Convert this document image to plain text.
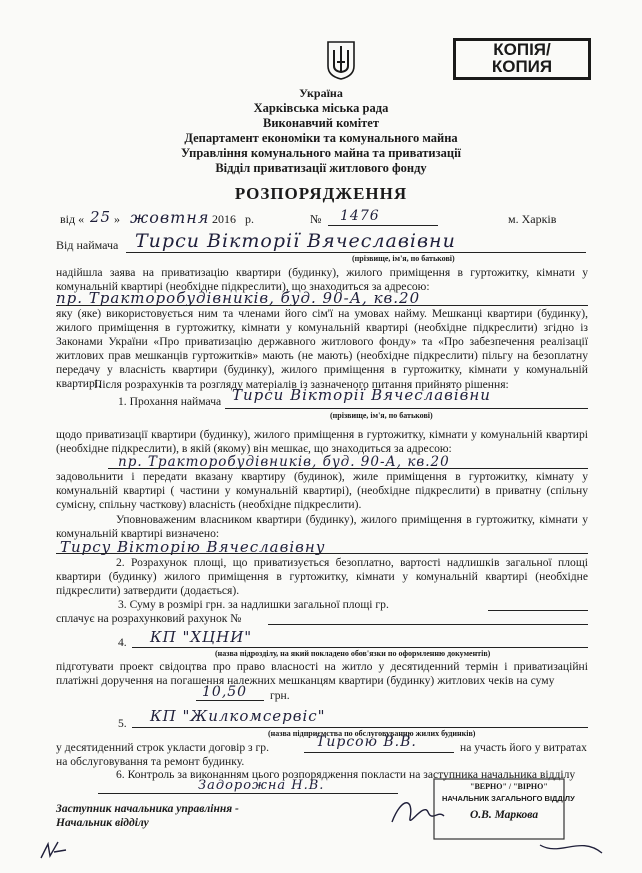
КОПІЯ/
КОПИЯ
Україна
Харківська міська рада
Виконавчий комітет
Департамент економіки та комунального майна
Управління комунального майна та приватизації
Відділ приватизації житлового фонду
РОЗПОРЯДЖЕННЯ
від « 25 » жовтня 2016 р.	№ 1476	м. Харків
Від наймача Тирси Вікторії Вячеславівни
(прізвище, ім'я, по батькові)
надійшла заява на приватизацію квартири (будинку), жилого приміщення в гуртожитку, кімнати у комунальній квартирі (необхідне підкреслити), що знаходиться за адресою:
пр. Тракторобудівників, буд. 90-А, кв.20
яку (яке) використовується ним та членами його сім'ї на умовах найму. Мешканці квартири (будинку), жилого приміщення в гуртожитку, кімнати у комунальній квартирі (необхідне підкреслити) згідно із Законами України «Про приватизацію державного житлового фонду» та «Про забезпечення реалізації житлових прав мешканців гуртожитків» мають (не мають) (необхідне підкреслити) пільгу на безоплатну передачу у власність квартири (будинку), жилого приміщення в гуртожитку, кімнати у комунальній квартирі.
Після розрахунків та розгляду матеріалів із зазначеного питання прийнято рішення:
1. Прохання наймача Тирси Вікторії Вячеславівни
(прізвище, ім'я, по батькові)
щодо приватизації квартири (будинку), жилого приміщення в гуртожитку, кімнати у комунальній квартирі (необхідне підкреслити), в якій (якому) він мешкає, що знаходиться за адресою:
пр. Тракторобудівників, буд. 90-А, кв.20
задовольнити і передати вказану квартиру (будинок), жиле приміщення в гуртожитку, кімнату у комунальній квартирі ( частини у комунальній квартирі), (необхідне підкреслити) в приватну (спільну сумісну, спільну часткову) власність (необхідне підкреслити).
Уповноваженим власником квартири (будинку), жилого приміщення в гуртожитку, кімнати у комунальній квартирі визначено:
Тирсу Вікторію Вячеславівну
2. Розрахунок площі, що приватизується безоплатно, вартості надлишків загальної площі квартири (будинку) жилого приміщення в гуртожитку, кімнати у комунальній квартирі (необхідне підкреслити) затвердити (додається).
3. Суму в розмірі грн. за надлишки загальної площі гр.
сплачує на розрахунковий рахунок №
4. КП "ХЦНИ"
(назва підрозділу, на який покладено обов'язки по оформленню документів)
підготувати проект свідоцтва про право власності на житло у десятиденний термін і приватизаційні платіжні доручення на погашення належних мешканцям квартири (будинку) житлових чеків на суму
10,50 грн.
5. КП "Жилкомсервіс"
(назва підприємства по обслуговуванню жилих будинків)
у десятиденний строк укласти договір з гр.	Тирсою В.В.	на участь його у витратах на обслуговування та ремонт будинку.
6. Контроль за виконанням цього розпорядження покласти на заступника начальника відділу
Задорожна Н.В.
Заступник начальника управління -
Начальник відділу
"ВЕРНО" / "ВІРНО"
НАЧАЛЬНИК ЗАГАЛЬНОГО ВІДДІЛУ
О.В. Маркова
